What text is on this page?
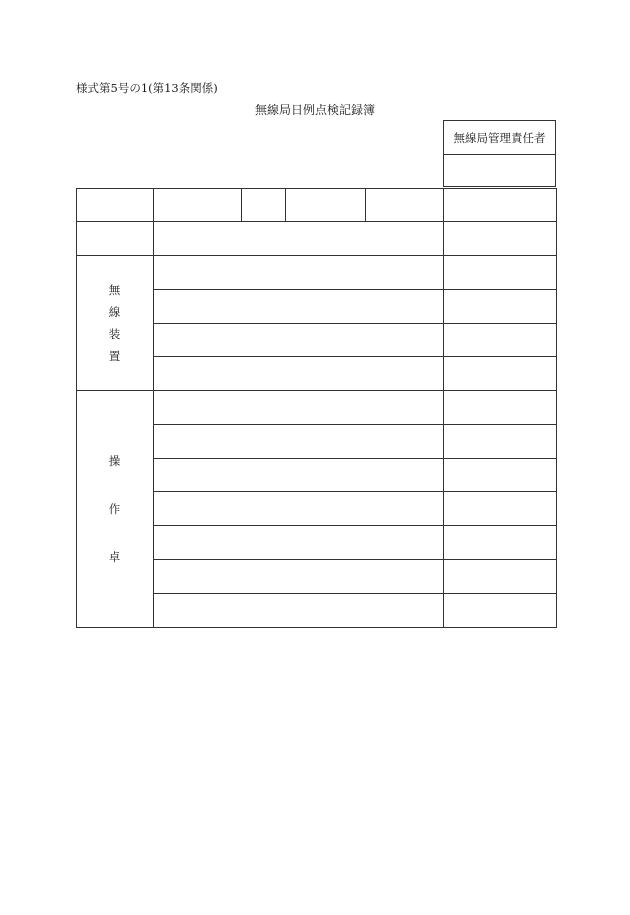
様式第5号の1(第13条関係)
無線局日例点検記録簿
無線局管理責任者
無
線
装
置
操
作
卓
